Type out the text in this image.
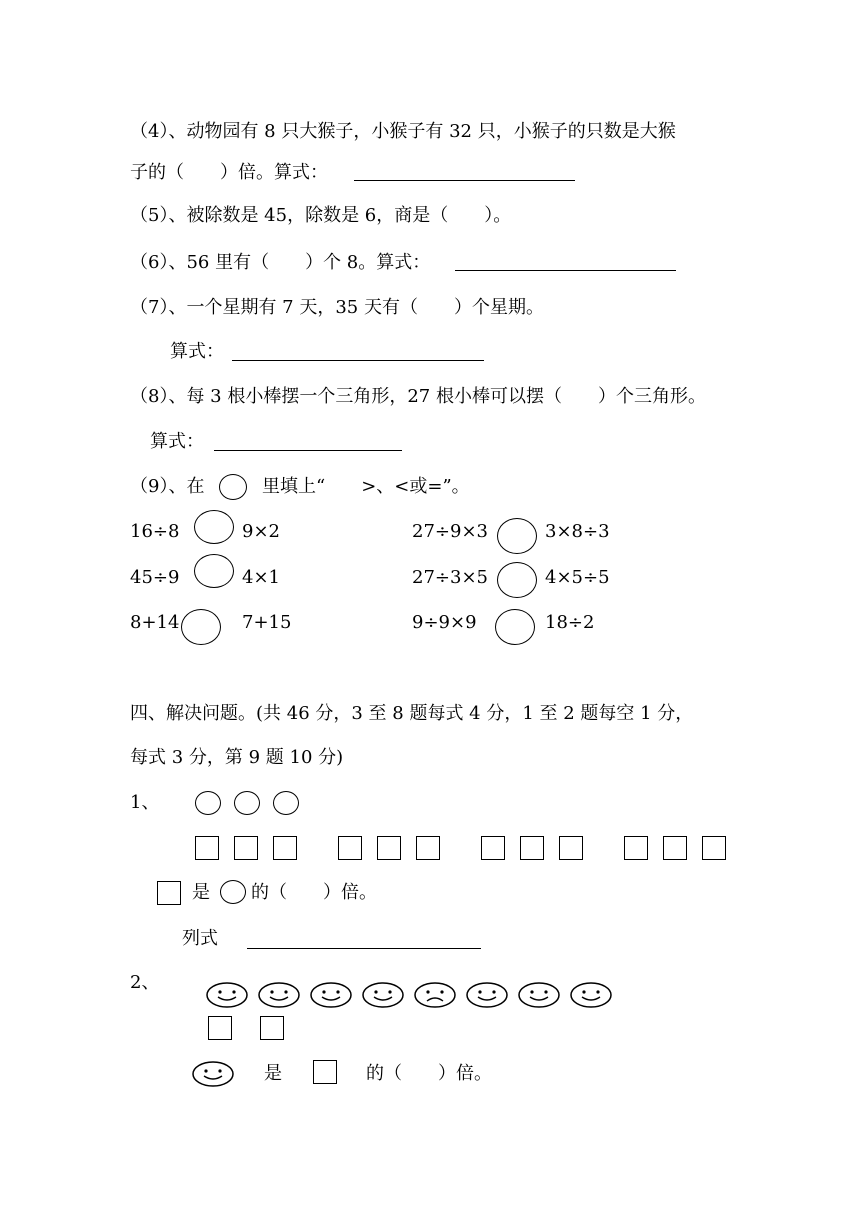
（4）、动物园有 8 只大猴子，小猴子有 32 只，小猴子的只数是大猴
子的（　　）倍。算式：
（5）、被除数是 45，除数是 6，商是（　　）。
（6）、56 里有（　　）个 8。算式：
（7）、一个星期有 7 天，35 天有（　　）个星期。
算式：
（8）、每 3 根小棒摆一个三角形，27 根小棒可以摆（　　）个三角形。
算式：
（9）、在	里填上“　　>、<或=”。
16÷8	9×2	27÷9×3	3×8÷3
45÷9	4×1	27÷3×5	4×5÷5
8+14	7+15	9÷9×9	18÷2
四、解决问题。(共 46 分，3 至 8 题每式 4 分，1 至 2 题每空 1 分，
每式 3 分，第 9 题 10 分)
1、
是 的（　　）倍。
列式
2、
是	的（　　）倍。
